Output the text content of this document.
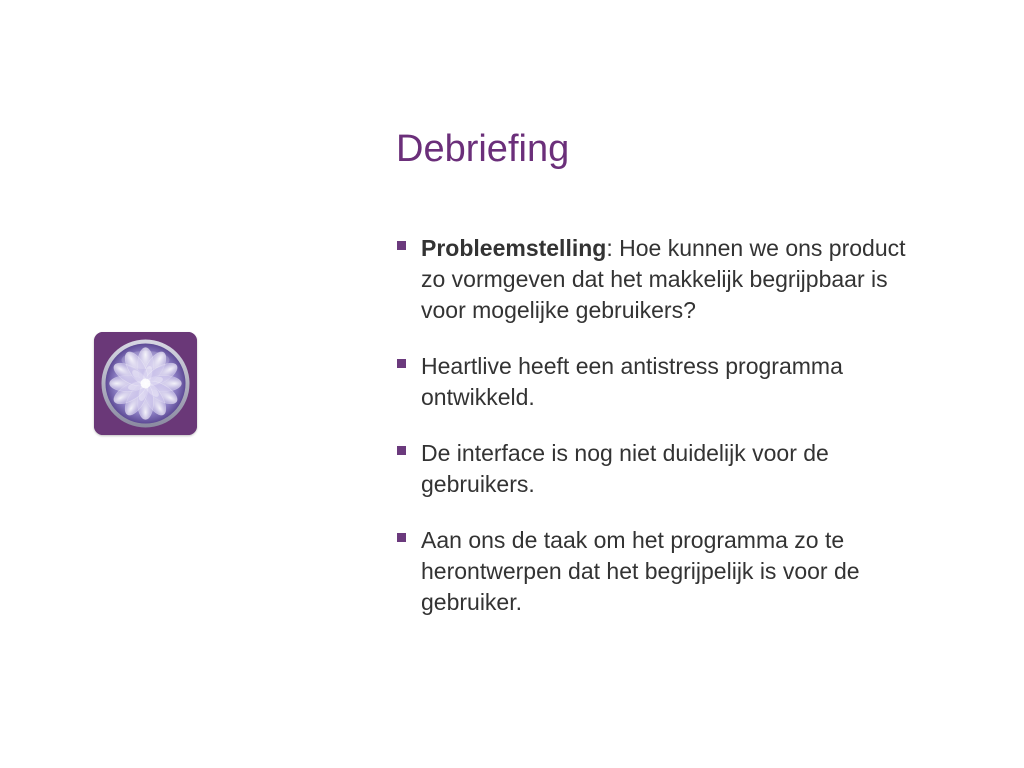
Debriefing
Probleemstelling: Hoe kunnen we ons product zo vormgeven dat het makkelijk begrijpbaar is voor mogelijke gebruikers?
Heartlive heeft een antistress programma ontwikkeld.
De interface is nog niet duidelijk voor de gebruikers.
Aan ons de taak om het programma zo te herontwerpen dat het begrijpelijk is voor de gebruiker.
